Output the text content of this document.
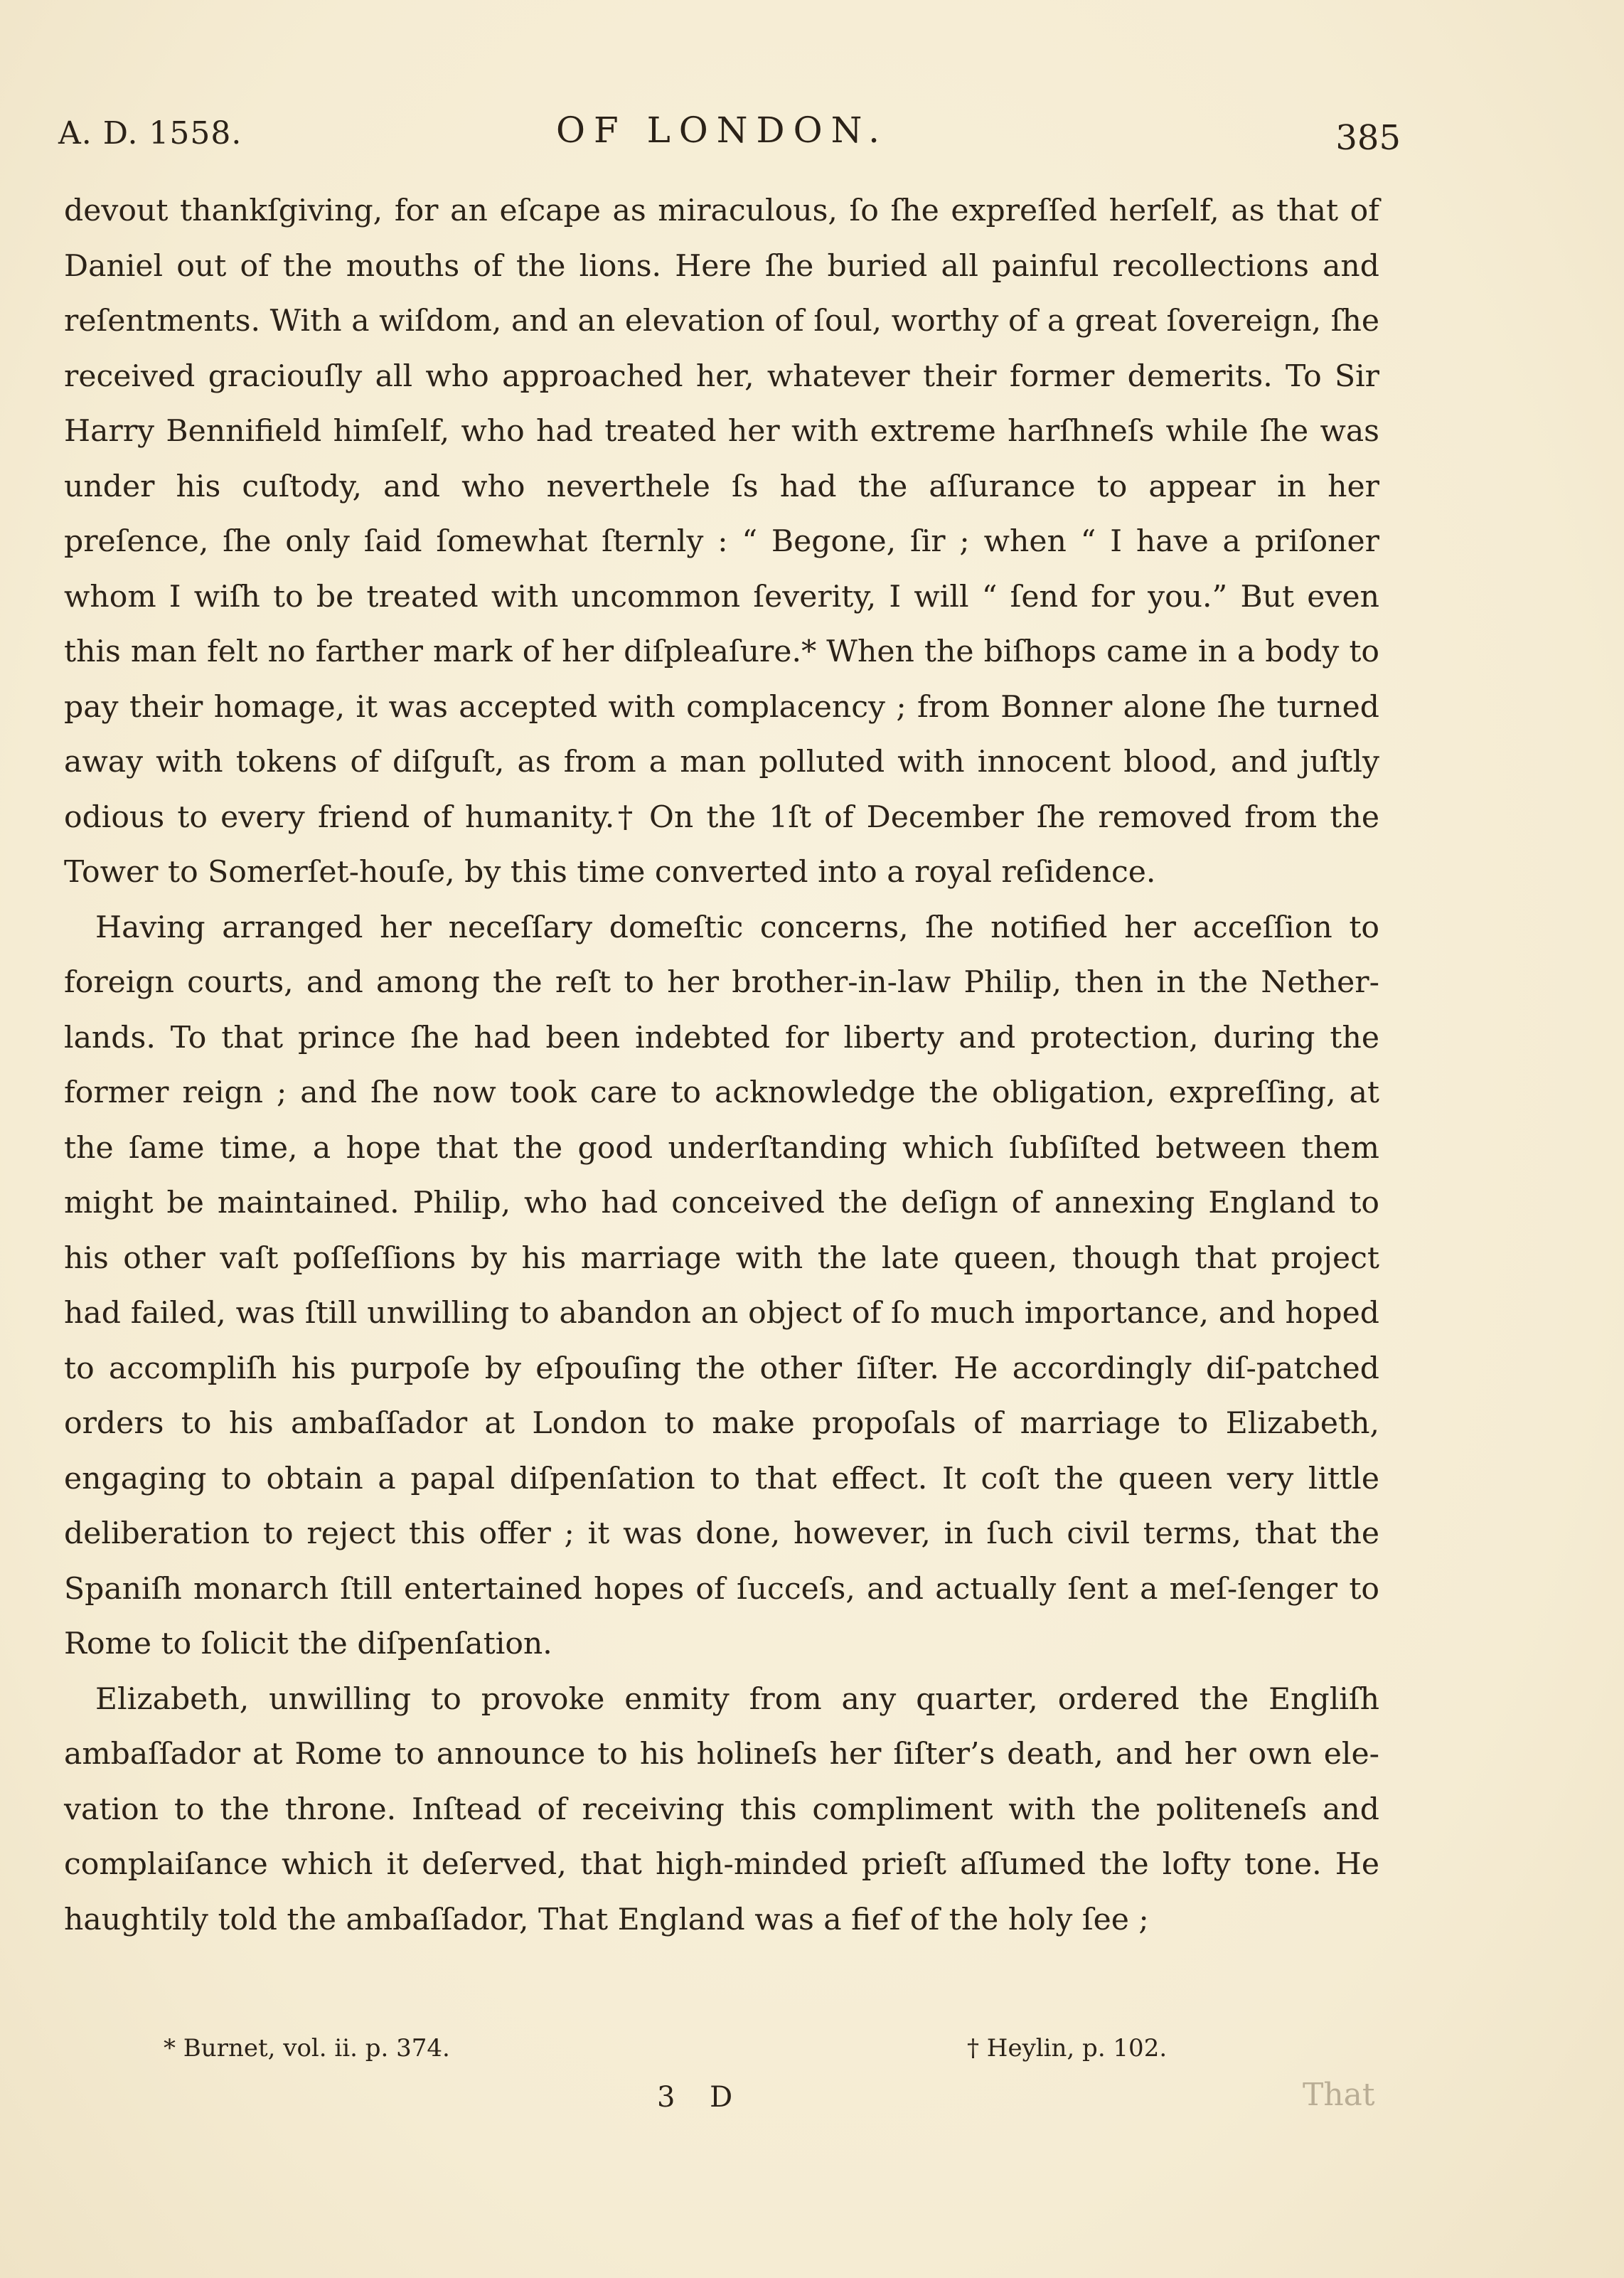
A. D. 1558.	OF LONDON.	385

devout thankſgiving, for an eſcape as miraculous, ſo ſhe expreſſed herſelf, as that of Daniel out of the mouths of the lions. Here ſhe buried all painful recollections and reſentments. With a wiſdom, and an elevation of ſoul, worthy of a great ſovereign, ſhe received graciouſly all who approached her, whatever their former demerits. To Sir Harry Bennifield himſelf, who had treated her with extreme harſhneſs while ſhe was under his cuſtody, and who neverthele ſs had the aſſurance to appear in her preſence, ſhe only ſaid ſomewhat ſternly : “ Begone, ſir ; when “ I have a priſoner whom I wiſh to be treated with uncommon ſeverity, I will “ ſend for you.” But even this man felt no farther mark of her diſpleaſure.* When the biſhops came in a body to pay their homage, it was accepted with complacency ; from Bonner alone ſhe turned away with tokens of diſguſt, as from a man polluted with innocent blood, and juſtly odious to every friend of humanity.† On the 1ſt of December ſhe removed from the Tower to Somerſet-houſe, by this time converted into a royal reſidence.

Having arranged her neceſſary domeſtic concerns, ſhe notified her acceſſion to foreign courts, and among the reſt to her brother-in-law Philip, then in the Nether-lands. To that prince ſhe had been indebted for liberty and protection, during the former reign ; and ſhe now took care to acknowledge the obligation, expreſſing, at the ſame time, a hope that the good underſtanding which ſubſiſted between them might be maintained. Philip, who had conceived the deſign of annexing England to his other vaſt poſſeſſions by his marriage with the late queen, though that project had failed, was ſtill unwilling to abandon an object of ſo much importance, and hoped to accompliſh his purpoſe by eſpouſing the other ſiſter. He accordingly diſ-patched orders to his ambaſſador at London to make propoſals of marriage to Elizabeth, engaging to obtain a papal diſpenſation to that effect. It coſt the queen very little deliberation to reject this offer ; it was done, however, in ſuch civil terms, that the Spaniſh monarch ſtill entertained hopes of ſucceſs, and actually ſent a meſ-ſenger to Rome to ſolicit the diſpenſation.

Elizabeth, unwilling to provoke enmity from any quarter, ordered the Engliſh ambaſſador at Rome to announce to his holineſs her ſiſter’s death, and her own ele-vation to the throne. Inſtead of receiving this compliment with the politeneſs and complaiſance which it deſerved, that high-minded prieſt aſſumed the lofty tone. He haughtily told the ambaſſador, That England was a fief of the holy ſee ;

* Burnet, vol. ii. p. 374.	† Heylin, p. 102.
3 D	That
